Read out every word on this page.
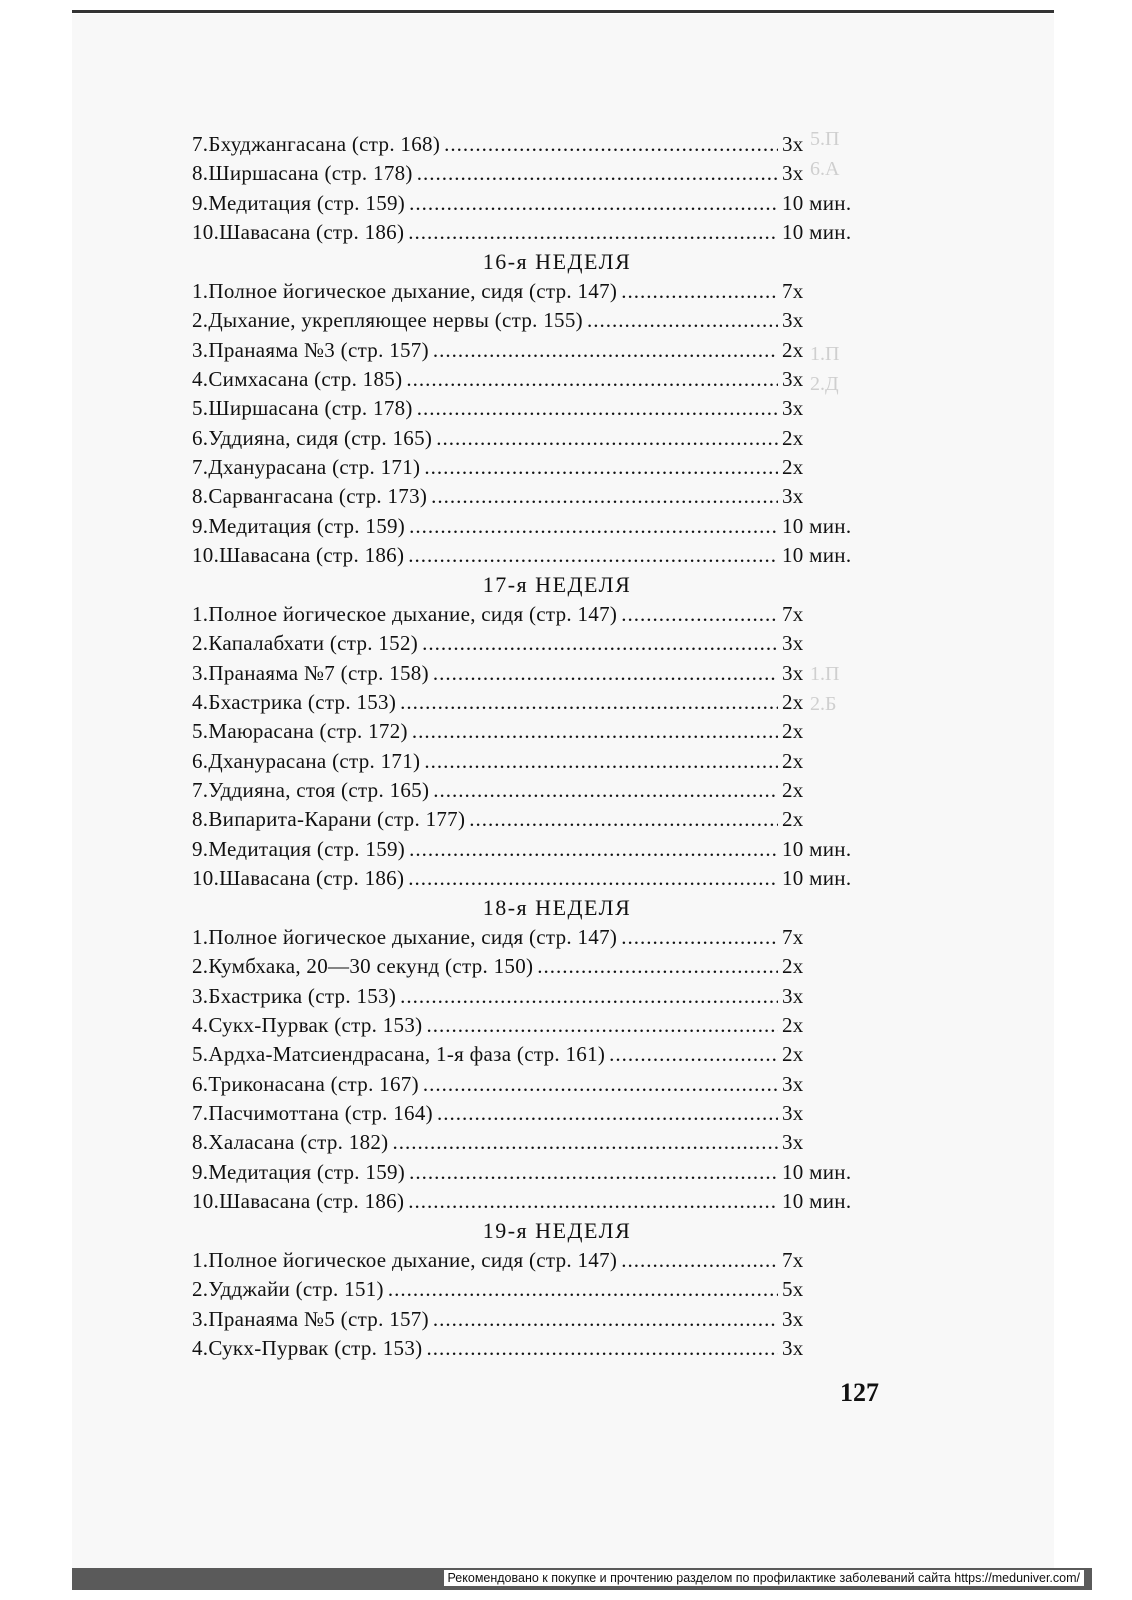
5.П
6.А
1.П
2.Д
1.П
2.Б
7.Бхуджангасана (стр. 168) .....	3х
8.Ширшасана (стр. 178) .....	3х
9.Медитация (стр. 159) .....	10 мин.
10.Шавасана (стр. 186) .....	10 мин.
16-я НЕДЕЛЯ
1.Полное йогическое дыхание, сидя (стр. 147) .....	7х
2.Дыхание, укрепляющее нервы (стр. 155) .....	3х
3.Пранаяма №3 (стр. 157) .....	2х
4.Симхасана (стр. 185) .....	3х
5.Ширшасана (стр. 178) .....	3х
6.Уддияна, сидя (стр. 165) .....	2х
7.Дханурасана (стр. 171) .....	2х
8.Сарвангасана (стр. 173) .....	3х
9.Медитация (стр. 159) .....	10 мин.
10.Шавасана (стр. 186) .....	10 мин.
17-я НЕДЕЛЯ
1.Полное йогическое дыхание, сидя (стр. 147) .....	7х
2.Капалабхати (стр. 152) .....	3х
3.Пранаяма №7 (стр. 158) .....	3х
4.Бхастрика (стр. 153) .....	2х
5.Маюрасана (стр. 172) .....	2х
6.Дханурасана (стр. 171) .....	2х
7.Уддияна, стоя (стр. 165) .....	2х
8.Випарита-Карани (стр. 177) .....	2х
9.Медитация (стр. 159) .....	10 мин.
10.Шавасана (стр. 186) .....	10 мин.
18-я НЕДЕЛЯ
1.Полное йогическое дыхание, сидя (стр. 147) .....	7х
2.Кумбхака, 20—30 секунд (стр. 150) .....	2х
3.Бхастрика (стр. 153) .....	3х
4.Сукх-Пурвак (стр. 153) .....	2х
5.Ардха-Матсиендрасана, 1-я фаза (стр. 161) .....	2х
6.Триконасана (стр. 167) .....	3х
7.Пасчимоттана (стр. 164) .....	3х
8.Халасана (стр. 182) .....	3х
9.Медитация (стр. 159) .....	10 мин.
10.Шавасана (стр. 186) .....	10 мин.
19-я НЕДЕЛЯ
1.Полное йогическое дыхание, сидя (стр. 147) .....	7х
2.Удджайи (стр. 151) .....	5х
3.Пранаяма №5 (стр. 157) .....	3х
4.Сукх-Пурвак (стр. 153) .....	3х
127
Рекомендовано к покупке и прочтению разделом по профилактике заболеваний сайта https://meduniver.com/
